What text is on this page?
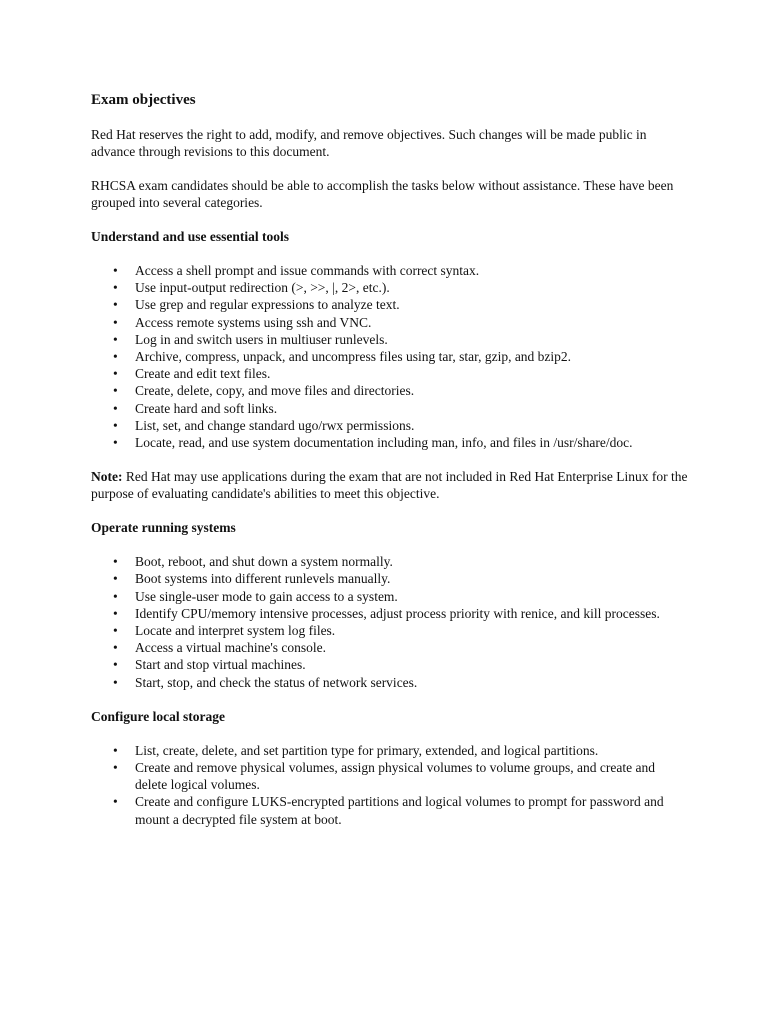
Exam objectives

Red Hat reserves the right to add, modify, and remove objectives. Such changes will be made public in advance through revisions to this document.

RHCSA exam candidates should be able to accomplish the tasks below without assistance. These have been grouped into several categories.

Understand and use essential tools
• Access a shell prompt and issue commands with correct syntax.
• Use input-output redirection (>, >>, |, 2>, etc.).
• Use grep and regular expressions to analyze text.
• Access remote systems using ssh and VNC.
• Log in and switch users in multiuser runlevels.
• Archive, compress, unpack, and uncompress files using tar, star, gzip, and bzip2.
• Create and edit text files.
• Create, delete, copy, and move files and directories.
• Create hard and soft links.
• List, set, and change standard ugo/rwx permissions.
• Locate, read, and use system documentation including man, info, and files in /usr/share/doc.

Note: Red Hat may use applications during the exam that are not included in Red Hat Enterprise Linux for the purpose of evaluating candidate's abilities to meet this objective.

Operate running systems
• Boot, reboot, and shut down a system normally.
• Boot systems into different runlevels manually.
• Use single-user mode to gain access to a system.
• Identify CPU/memory intensive processes, adjust process priority with renice, and kill processes.
• Locate and interpret system log files.
• Access a virtual machine's console.
• Start and stop virtual machines.
• Start, stop, and check the status of network services.
Configure local storage
• List, create, delete, and set partition type for primary, extended, and logical partitions.
• Create and remove physical volumes, assign physical volumes to volume groups, and create and delete logical volumes.
• Create and configure LUKS-encrypted partitions and logical volumes to prompt for password and mount a decrypted file system at boot.
